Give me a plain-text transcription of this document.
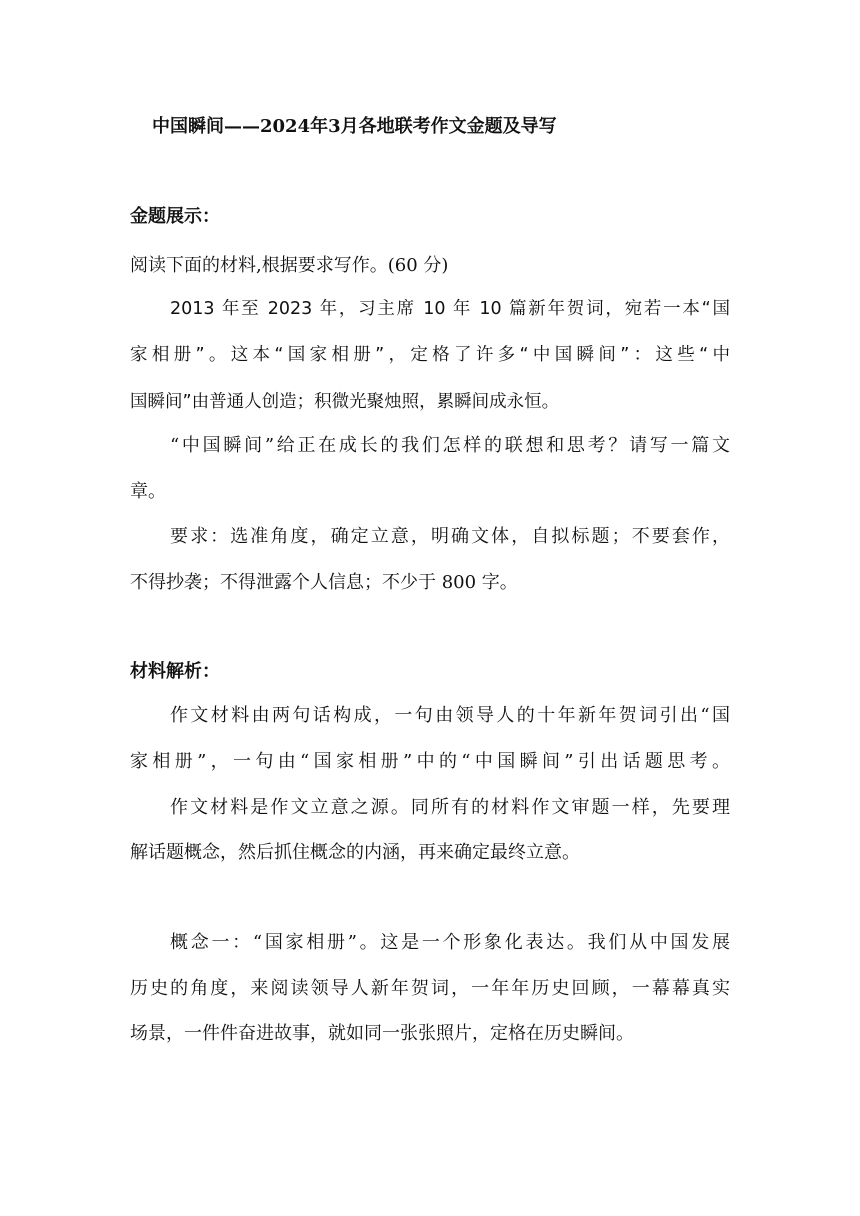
中国瞬间——2024年3月各地联考作文金题及导写
金题展示：
阅读下面的材料,根据要求写作。(60 分)
2013 年至 2023 年，习主席 10 年 10 篇新年贺词，宛若一本“国
家相册”。这本“国家相册”，定格了许多“中国瞬间”：这些“中
国瞬间”由普通人创造；积微光聚烛照，累瞬间成永恒。
“中国瞬间”给正在成长的我们怎样的联想和思考？请写一篇文
章。
要求：选准角度，确定立意，明确文体，自拟标题；不要套作，
不得抄袭；不得泄露个人信息；不少于 800 字。
材料解析：
作文材料由两句话构成，一句由领导人的十年新年贺词引出“国
家相册”，一句由“国家相册”中的“中国瞬间”引出话题思考。
作文材料是作文立意之源。同所有的材料作文审题一样，先要理
解话题概念，然后抓住概念的内涵，再来确定最终立意。
概念一：“国家相册”。这是一个形象化表达。我们从中国发展
历史的角度，来阅读领导人新年贺词，一年年历史回顾，一幕幕真实
场景，一件件奋进故事，就如同一张张照片，定格在历史瞬间。
